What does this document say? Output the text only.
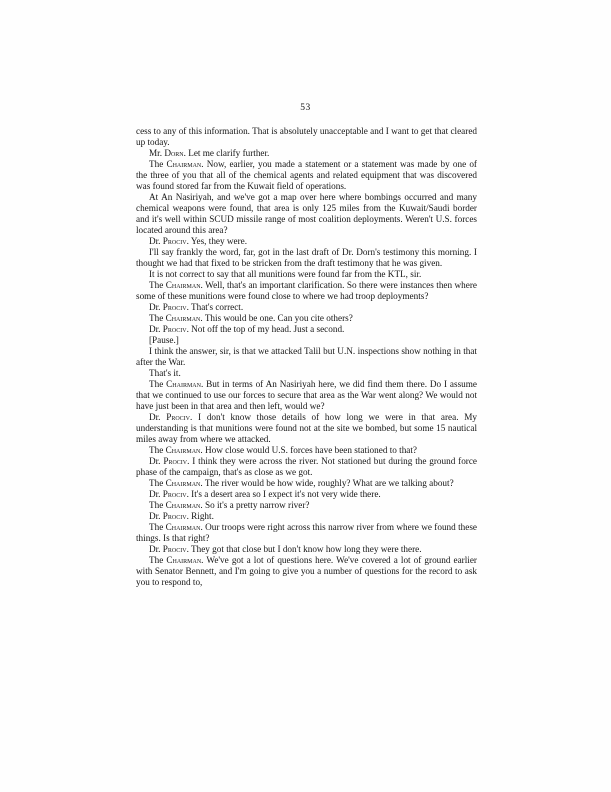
53

cess to any of this information. That is absolutely unacceptable and I want to get that cleared up today.

Mr. Dorn. Let me clarify further.

The Chairman. Now, earlier, you made a statement or a statement was made by one of the three of you that all of the chemical agents and related equipment that was discovered was found stored far from the Kuwait field of operations.

At An Nasiriyah, and we've got a map over here where bombings occurred and many chemical weapons were found, that area is only 125 miles from the Kuwait/Saudi border and it's well within SCUD missile range of most coalition deployments. Weren't U.S. forces located around this area?

Dr. Prociv. Yes, they were.

I'll say frankly the word, far, got in the last draft of Dr. Dorn's testimony this morning. I thought we had that fixed to be stricken from the draft testimony that he was given.

It is not correct to say that all munitions were found far from the KTL, sir.

The Chairman. Well, that's an important clarification. So there were instances then where some of these munitions were found close to where we had troop deployments?

Dr. Prociv. That's correct.

The Chairman. This would be one. Can you cite others?

Dr. Prociv. Not off the top of my head. Just a second.

[Pause.]

I think the answer, sir, is that we attacked Talil but U.N. inspections show nothing in that after the War.

That's it.

The Chairman. But in terms of An Nasiriyah here, we did find them there. Do I assume that we continued to use our forces to secure that area as the War went along? We would not have just been in that area and then left, would we?

Dr. Prociv. I don't know those details of how long we were in that area. My understanding is that munitions were found not at the site we bombed, but some 15 nautical miles away from where we attacked.

The Chairman. How close would U.S. forces have been stationed to that?

Dr. Prociv. I think they were across the river. Not stationed but during the ground force phase of the campaign, that's as close as we got.

The Chairman. The river would be how wide, roughly? What are we talking about?

Dr. Prociv. It's a desert area so I expect it's not very wide there.

The Chairman. So it's a pretty narrow river?

Dr. Prociv. Right.

The Chairman. Our troops were right across this narrow river from where we found these things. Is that right?

Dr. Prociv. They got that close but I don't know how long they were there.

The Chairman. We've got a lot of questions here. We've covered a lot of ground earlier with Senator Bennett, and I'm going to give you a number of questions for the record to ask you to respond to,
